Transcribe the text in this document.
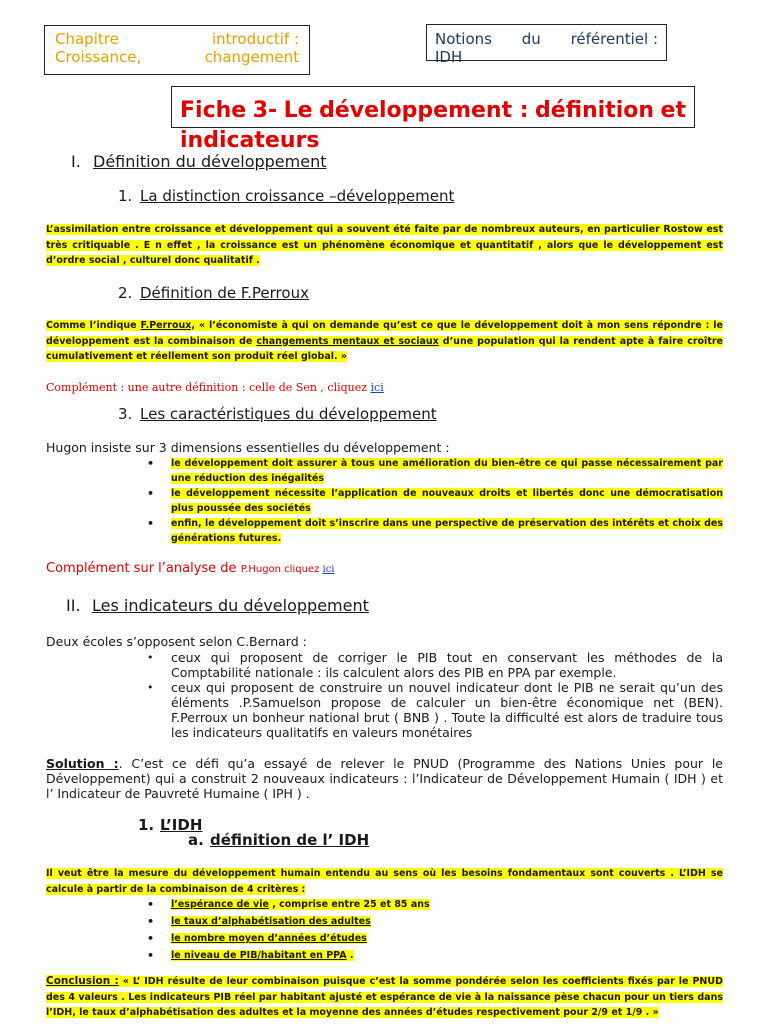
Chapitre	introductif :
Croissance,	changement
Notions du référentiel :
IDH
Fiche 3- Le développement : définition et
indicateurs
I. Définition du développement
1. La distinction croissance –développement
L’assimilation entre croissance et développement qui a souvent été faite par de nombreux auteurs, en particulier Rostow est très critiquable . E n effet , la croissance est un phénomène économique et quantitatif , alors que le développement est d’ordre social , culturel donc qualitatif .
2. Définition de F.Perroux
Comme l’indique F.Perroux, « l’économiste à qui on demande qu’est ce que le développement doit à mon sens répondre : le développement est la combinaison de changements mentaux et sociaux d’une population qui la rendent apte à faire croître cumulativement et réellement son produit réel global. »
Complément : une autre définition : celle de Sen , cliquez ici
3. Les caractéristiques du développement
Hugon insiste sur 3 dimensions essentielles du développement :
• le développement doit assurer à tous une amélioration du bien-être ce qui passe nécessairement par une réduction des inégalités
• le développement nécessite l’application de nouveaux droits et libertés donc une démocratisation plus poussée des sociétés
• enfin, le développement doit s’inscrire dans une perspective de préservation des intérêts et choix des générations futures.
Complément sur l’analyse de P.Hugon cliquez ici
II. Les indicateurs du développement
Deux écoles s’opposent selon C.Bernard :
• ceux qui proposent de corriger le PIB tout en conservant les méthodes de la Comptabilité nationale : ils calculent alors des PIB en PPA par exemple.
• ceux qui proposent de construire un nouvel indicateur dont le PIB ne serait qu’un des éléments .P.Samuelson propose de calculer un bien-être économique net (BEN). F.Perroux un bonheur national brut ( BNB ) . Toute la difficulté est alors de traduire tous les indicateurs qualitatifs en valeurs monétaires
Solution :. C’est ce défi qu’a essayé de relever le PNUD (Programme des Nations Unies pour le Développement) qui a construit 2 nouveaux indicateurs : l’Indicateur de Développement Humain ( IDH ) et l’ Indicateur de Pauvreté Humaine ( IPH ) .
1. L’IDH
a. définition de l’ IDH
Il veut être la mesure du développement humain entendu au sens où les besoins fondamentaux sont couverts . L’IDH se calcule à partir de la combinaison de 4 critères :
• l’espérance de vie , comprise entre 25 et 85 ans
• le taux d’alphabétisation des adultes
• le nombre moyen d’années d’études
• le niveau de PIB/habitant en PPA .
Conclusion : « L’ IDH résulte de leur combinaison puisque c’est la somme pondérée selon les coefficients fixés par le PNUD des 4 valeurs . Les indicateurs PIB réel par habitant ajusté et espérance de vie à la naissance pèse chacun pour un tiers dans l’IDH, le taux d’alphabétisation des adultes et la moyenne des années d’études respectivement pour 2/9 et 1/9 . »
